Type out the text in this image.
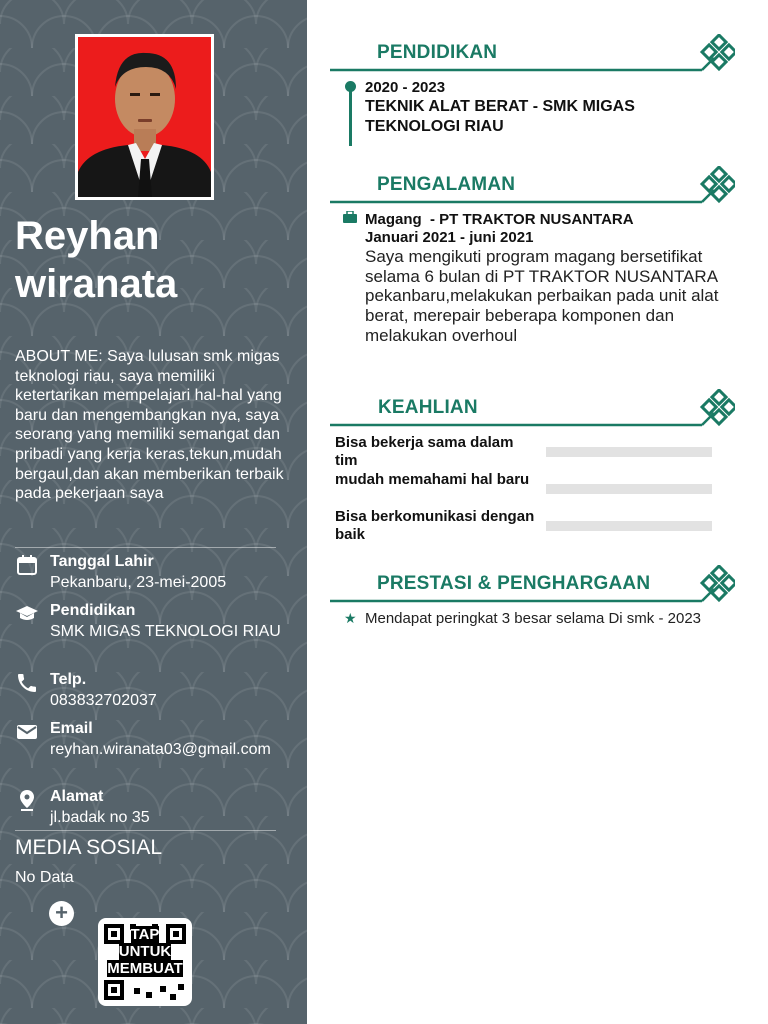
Reyhan wiranata
ABOUT ME: Saya lulusan smk migas teknologi riau, saya memiliki ketertarikan mempelajari hal-hal yang baru dan mengembangkan nya, saya seorang yang memiliki semangat dan pribadi yang kerja keras,tekun,mudah bergaul,dan akan memberikan terbaik pada pekerjaan saya
Tanggal Lahir
Pekanbaru, 23-mei-2005
Pendidikan
SMK MIGAS TEKNOLOGI RIAU
Telp.
083832702037
Email
reyhan.wiranata03@gmail.com
Alamat
jl.badak no 35
MEDIA SOSIAL
No Data
+
TAP UNTUK MEMBUAT
PENDIDIKAN
2020 - 2023
TEKNIK ALAT BERAT - SMK MIGAS TEKNOLOGI RIAU
PENGALAMAN
Magang  - PT TRAKTOR NUSANTARA
Januari 2021 - juni 2021
Saya mengikuti program magang bersetifikat selama 6 bulan di PT TRAKTOR NUSANTARA pekanbaru,melakukan perbaikan pada unit alat berat, merepair beberapa komponen dan melakukan overhoul
KEAHLIAN
Bisa bekerja sama dalam tim
mudah memahami hal baru
Bisa berkomunikasi dengan baik
PRESTASI & PENGHARGAAN
★ Mendapat peringkat 3 besar selama Di smk - 2023
